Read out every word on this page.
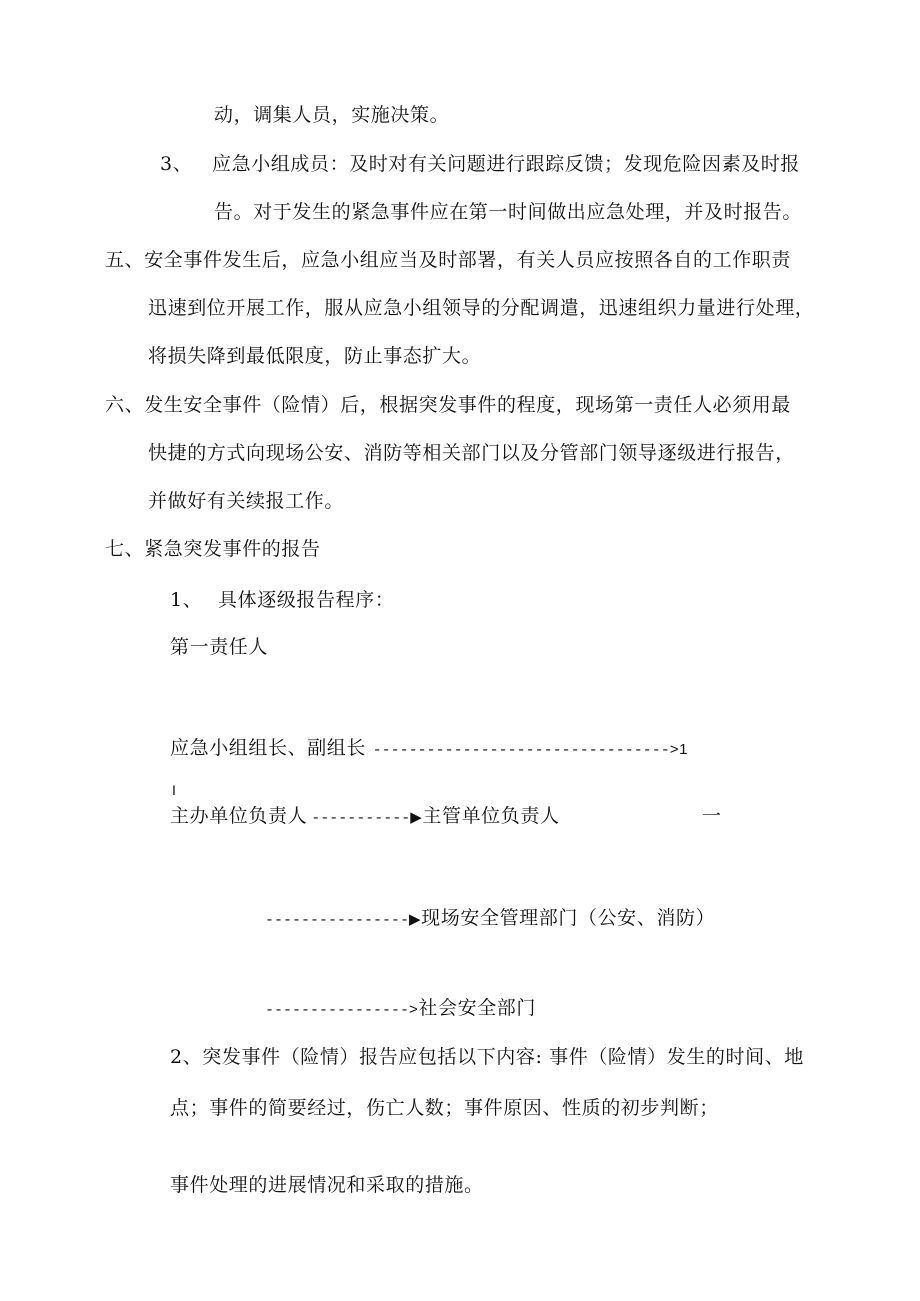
动，调集人员，实施决策。
3、 应急小组成员：及时对有关问题进行跟踪反馈；发现危险因素及时报
告。对于发生的紧急事件应在第一时间做出应急处理，并及时报告。
五、安全事件发生后，应急小组应当及时部署，有关人员应按照各自的工作职责
迅速到位开展工作，服从应急小组领导的分配调遣，迅速组织力量进行处理，
将损失降到最低限度，防止事态扩大。
六、发生安全事件（险情）后，根据突发事件的程度，现场第一责任人必须用最
快捷的方式向现场公安、消防等相关部门以及分管部门领导逐级进行报告，
并做好有关续报工作。
七、紧急突发事件的报告
1、 具体逐级报告程序：
第一责任人
应急小组组长、副组长 --------------------------------->1
I
主办单位负责人 -----------▶主管单位负责人	一
----------------▶现场安全管理部门（公安、消防）
---------------->社会安全部门
2、突发事件（险情）报告应包括以下内容: 事件（险情）发生的时间、地
点；事件的简要经过，伤亡人数；事件原因、性质的初步判断；
事件处理的进展情况和采取的措施。
